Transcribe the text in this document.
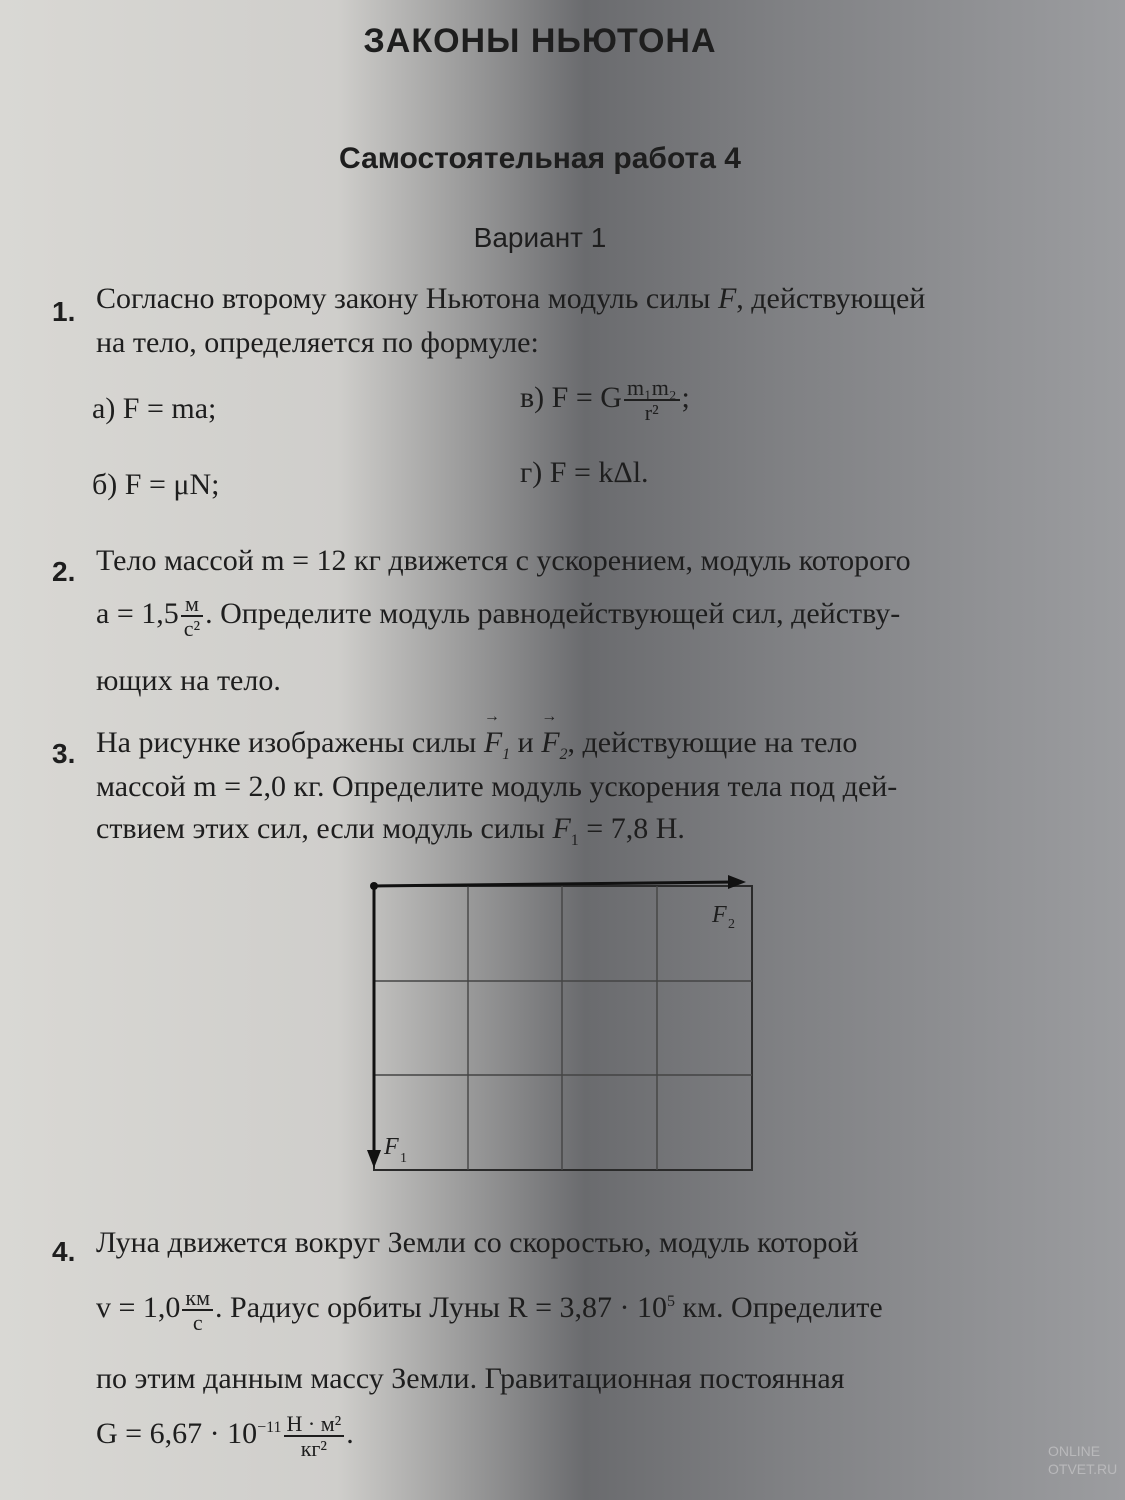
ЗАКОНЫ НЬЮТОНА
Самостоятельная работа 4
Вариант 1
1. Согласно второму закону Ньютона модуль силы F, действующей
на тело, определяется по формуле:
а) F = ma;
б) F = μN;
в) F = G $\frac{\text{m₁m₂}}{\text{r²}}$ ;
г) F = kΔl.
2. Тело массой m = 12 кг движется с ускорением, модуль которого
$a = 1,5 \frac{м}{\text{с²}}$ . Определите модуль равнодействующей сил, действу-
ющих на тело.
3. На рисунке изображены силы → $F_1$ $и \to F_2$, действующие на тело
массой m = 2,0 кг. Определите модуль ускорения тела под дей-
ствием этих сил, если модуль силы $F_1 = 7,8$ Н.
F 2
F 1
4. Луна движется вокруг Земли со скоростью, модуль которой
$v = 1,0 \frac{км}{с}$ . Радиус орбиты Луны $R = 3,87 \cdot 10^5$ км. Определите
по этим данным массу Земли. Гравитационная постоянная
$G = 6,67 \cdot 10^{-11} \frac{\text{Н · м²}}{\text{кг²}}$ .
ONLINE
OTVET.RU
